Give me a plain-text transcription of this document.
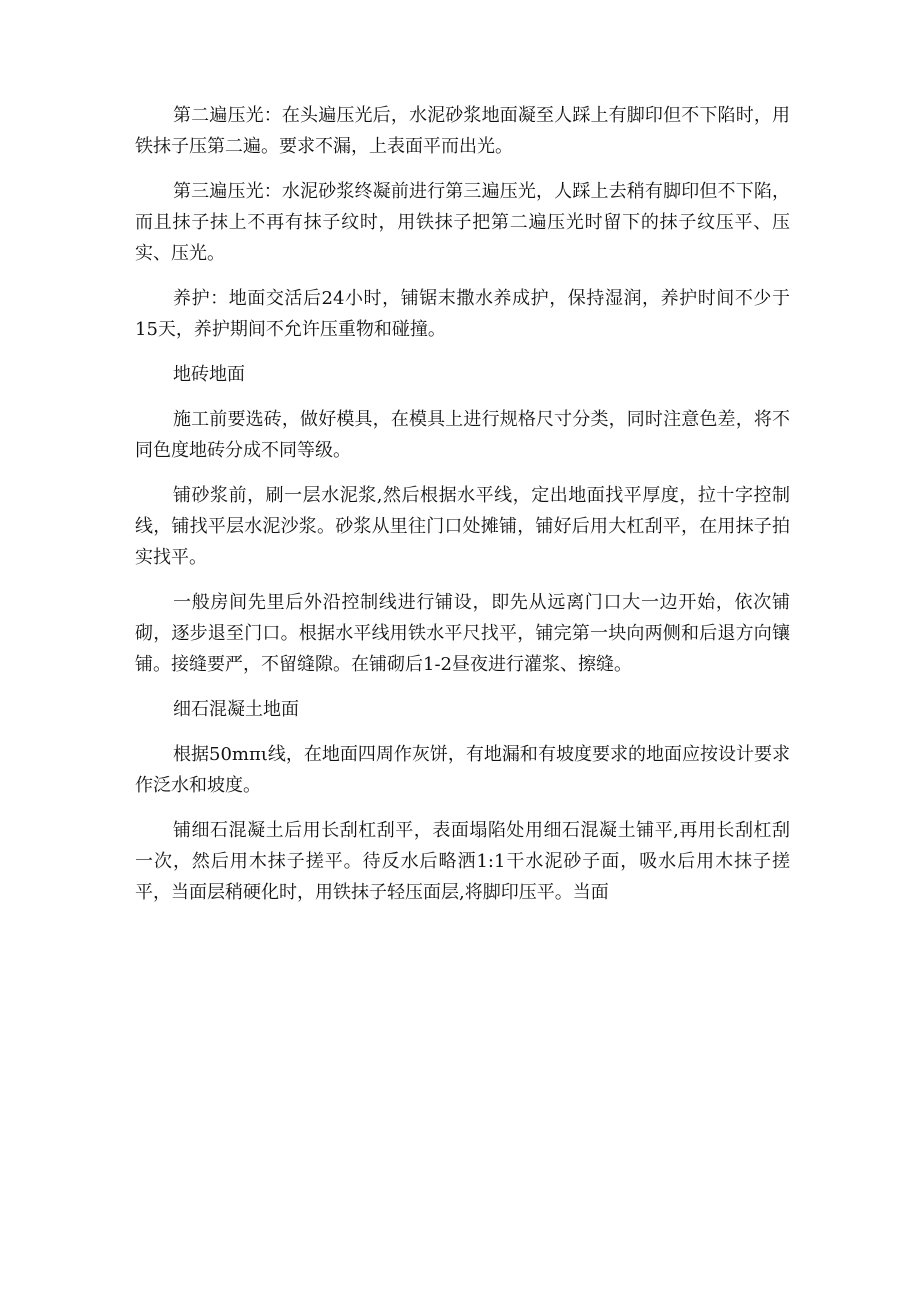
第二遍压光：在头遍压光后，水泥砂浆地面凝至人踩上有脚印但不下陷时，用铁抹子压第二遍。要求不漏，上表面平而出光。

第三遍压光：水泥砂浆终凝前进行第三遍压光，人踩上去稍有脚印但不下陷，而且抹子抹上不再有抹子纹时，用铁抹子把第二遍压光时留下的抹子纹压平、压实、压光。

养护：地面交活后24小时，铺锯末撒水养成护，保持湿润，养护时间不少于15天，养护期间不允许压重物和碰撞。

地砖地面

施工前要选砖，做好模具，在模具上进行规格尺寸分类，同时注意色差，将不同色度地砖分成不同等级。

铺砂浆前，刷一层水泥浆,然后根据水平线，定出地面找平厚度，拉十字控制线，铺找平层水泥沙浆。砂浆从里往门口处摊铺，铺好后用大杠刮平，在用抹子拍实找平。

一般房间先里后外沿控制线进行铺设，即先从远离门口大一边开始，依次铺砌，逐步退至门口。根据水平线用铁水平尺找平，铺完第一块向两侧和后退方向镶铺。接缝要严，不留缝隙。在铺砌后1-2昼夜进行灌浆、擦缝。

细石混凝土地面

根据50mπι线，在地面四周作灰饼，有地漏和有坡度要求的地面应按设计要求作泛水和坡度。

铺细石混凝土后用长刮杠刮平，表面塌陷处用细石混凝土铺平,再用长刮杠刮一次，然后用木抹子搓平。待反水后略洒1:1干水泥砂子面，吸水后用木抹子搓平，当面层稍硬化时，用铁抹子轻压面层,将脚印压平。当面
